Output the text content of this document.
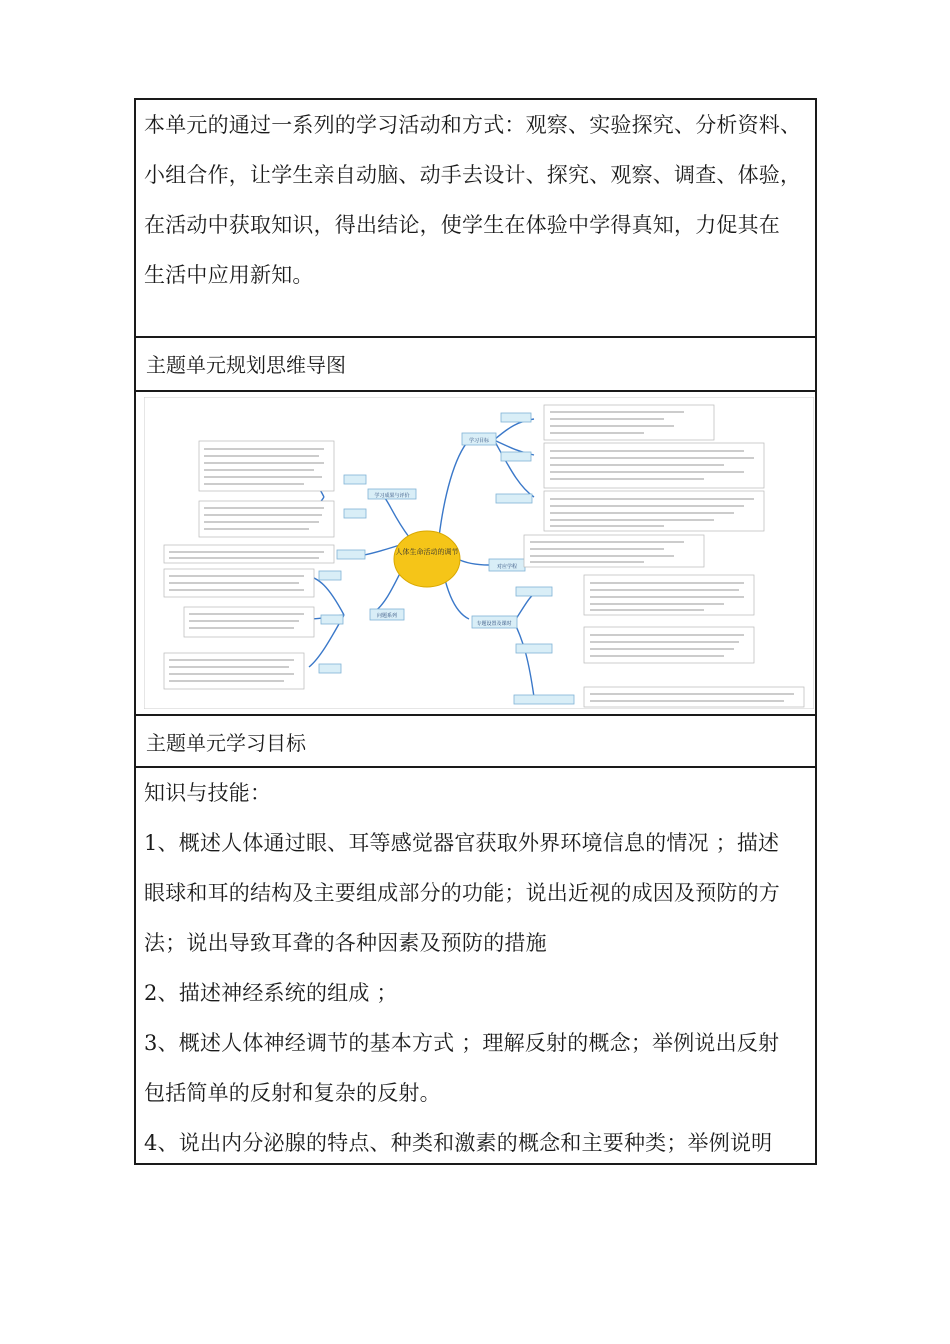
本单元的通过一系列的学习活动和方式：观察、实验探究、分析资料、
小组合作，让学生亲自动脑、动手去设计、探究、观察、调查、体验，
在活动中获取知识，得出结论，使学生在体验中学得真知，力促其在
生活中应用新知。
主题单元规划思维导图
人体生命活动的调节
学习目标
学习成果与评价
对应学程
问题系列
专题设置及课时
主题单元学习目标
知识与技能：
1、概述人体通过眼、耳等感觉器官获取外界环境信息的情况 ；描述
眼球和耳的结构及主要组成部分的功能；说出近视的成因及预防的方
法；说出导致耳聋的各种因素及预防的措施
2、描述神经系统的组成 ；
3、概述人体神经调节的基本方式 ；理解反射的概念；举例说出反射
包括简单的反射和复杂的反射。
4、说出内分泌腺的特点、种类和激素的概念和主要种类；举例说明
